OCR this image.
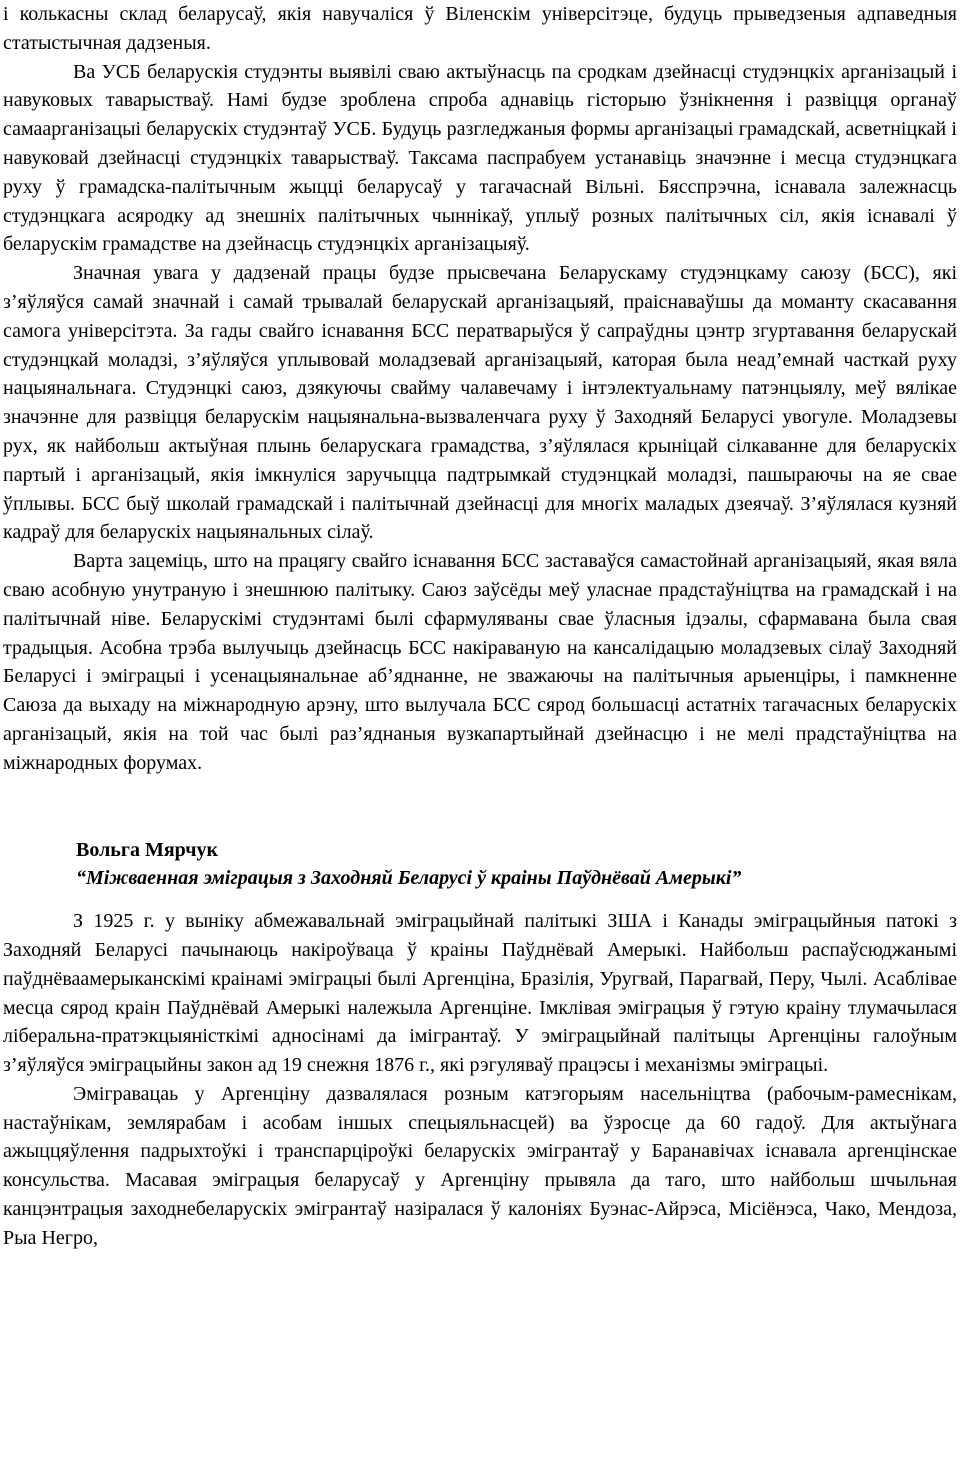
і колькасны склад беларусаў, якія навучаліся ў Віленскім універсітэце, будуць прыведзеныя адпаведныя статыстычная дадзеныя.

Ва УСБ беларускія студэнты выявілі сваю актыўнасць па сродкам дзейнасці студэнцкіх арганізацый і навуковых таварыстваў. Намі будзе зроблена спроба аднавіць гісторыю ўзнікнення і развіцця органаў самаарганізацыі беларускіх студэнтаў УСБ. Будуць разгледжаныя формы арганізацыі грамадскай, асветніцкай і навуковай дзейнасці студэнцкіх таварыстваў. Таксама паспрабуем устанавіць значэнне і месца студэнцкага руху ў грамадска-палітычным жыцці беларусаў у тагачаснай Вільні. Бясспрэчна, існавала залежнасць студэнцкага асяродку ад знешніх палітычных чыннікаў, уплыў розных палітычных сіл, якія існавалі ў беларускім грамадстве на дзейнасць студэнцкіх арганізацыяў.

Значная увага у дадзенай працы будзе прысвечана Беларускаму студэнцкаму саюзу (БСС), які з’яўляўся самай значнай і самай трывалай беларускай арганізацыяй, праіснаваўшы да моманту скасавання самога універсітэта. За гады свайго існавання БСС ператварыўся ў сапраўдны цэнтр згуртавання беларускай студэнцкай моладзі, з’яўляўся уплывовай моладзевай арганізацыяй, каторая была неад’емнай часткай руху нацыянальнага. Студэнцкі саюз, дзякуючы свайму чалавечаму і інтэлектуальнаму патэнцыялу, меў вялікае значэнне для развіцця беларускім нацыянальна-вызваленчага руху ў Заходняй Беларусі увогуле. Моладзевы рух, як найбольш актыўная плынь беларускага грамадства, з’яўлялася крыніцай сілкаванне для беларускіх партый і арганізацый, якія імкнуліся заручыцца падтрымкай студэнцкай моладзі, пашыраючы на яе свае ўплывы. БСС быў школай грамадскай і палітычнай дзейнасці для многіх маладых дзеячаў. З’яўлялася кузняй кадраў для беларускіх нацыянальных сілаў.

Варта зацеміць, што на працягу свайго існавання БСС заставаўся самастойнай арганізацыяй, якая вяла сваю асобную унутраную і знешнюю палітыку. Саюз заўсёды меў уласнае прадстаўніцтва на грамадскай і на палітычнай ніве. Беларускімі студэнтамі былі сфармуляваны свае ўласныя ідэалы, сфармавана была свая традыцыя. Асобна трэба вылучыць дзейнасць БСС накіраваную на кансалідацыю моладзевых сілаў Заходняй Беларусі і эміграцыі і усенацыянальнае аб’яднанне, не зважаючы на палітычныя арыенціры, і памкненне Саюза да выхаду на міжнародную арэну, што вылучала БСС сярод большасці астатніх тагачасных беларускіх арганізацый, якія на той час былі раз’яднаныя вузкапартыйнай дзейнасцю і не мелі прадстаўніцтва на міжнародных форумах.

Вольга Мярчук

“Міжваенная эміграцыя з Заходняй Беларусі ў краіны Паўднёвай Амерыкі”

З 1925 г. у выніку абмежавальнай эміграцыйнай палітыкі ЗША і Канады эміграцыйныя патокі з Заходняй Беларусі пачынаюць накіроўваца ў краіны Паўднёвай Амерыкі. Найбольш распаўсюджанымі паўднёваамерыканскімі краінамі эміграцыі былі Аргенціна, Бразілія, Уругвай, Парагвай, Перу, Чылі. Асаблівае месца сярод краін Паўднёвай Амерыкі належыла Аргенціне. Імклівая эміграцыя ў гэтую краіну тлумачылася ліберальна-пратэкцыяністкімі адносінамі да імігрантаў. У эміграцыйнай палітыцы Аргенціны галоўным з’яўляўся эміграцыйны закон ад 19 снежня 1876 г., які рэгуляваў працэсы і механізмы эміграцыі.

Эмігравацаь у Аргенціну дазвалялася розным катэгорыям насельніцтва (рабочым-рамеснікам, настаўнікам, землярабам і асобам іншых спецыяльнасцей) ва ўзросце да 60 гадоў. Для актыўнага ажыццяўлення падрыхтоўкі і транспарціроўкі беларускіх эмігрантаў у Баранавічах існавала аргенцінскае консульства. Масавая эміграцыя беларусаў у Аргенціну прывяла да таго, што найбольш шчыльная канцэнтрацыя заходнебеларускіх эмігрантаў назіралася ў калоніях Буэнас-Айрэса, Місіёнэса, Чако, Мендоза, Рыа Негро,
